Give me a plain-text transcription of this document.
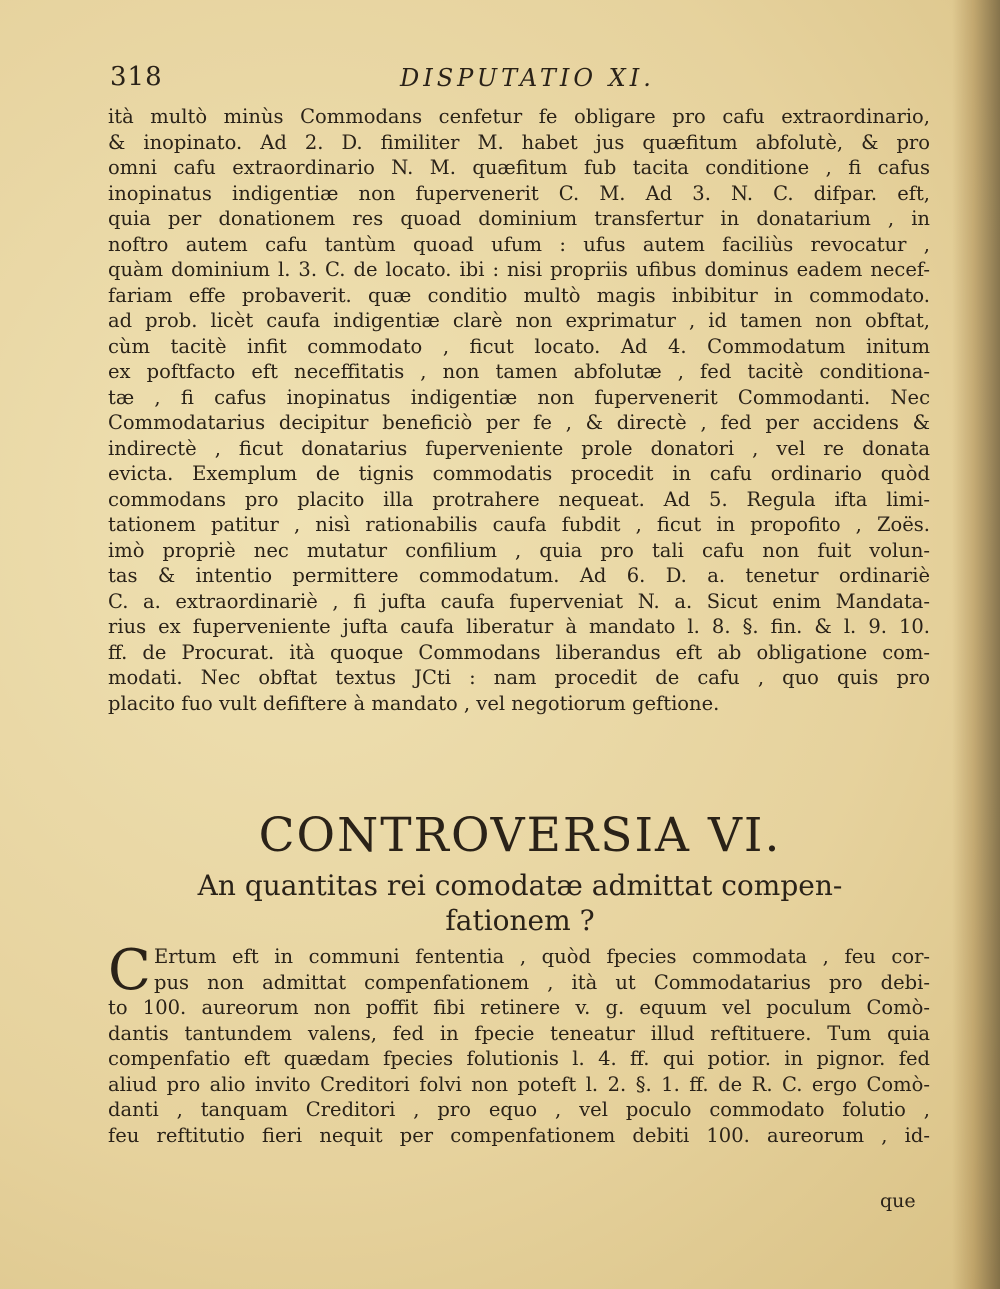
318	DISPUTATIO XI.
ità multò minùs Commodans cenfetur fe obligare pro cafu extraordinario,
& inopinato. Ad 2. D. fimiliter M. habet jus quæfitum abfolutè, & pro
omni cafu extraordinario N. M. quæfitum fub tacita conditione , fi cafus
inopinatus indigentiæ non fupervenerit C. M. Ad 3. N. C. difpar. eft,
quia per donationem res quoad dominium transfertur in donatarium , in
noftro autem cafu tantùm quoad ufum : ufus autem faciliùs revocatur ,
quàm dominium l. 3. C. de locato. ibi : nisi propriis ufibus dominus eadem necef-
fariam effe probaverit. quæ conditio multò magis inbibitur in commodato.
ad prob. licèt caufa indigentiæ clarè non exprimatur , id tamen non obftat,
cùm tacitè infit commodato , ficut locato. Ad 4. Commodatum initum
ex poftfacto eft neceffitatis , non tamen abfolutæ , fed tacitè conditiona-
tæ , fi cafus inopinatus indigentiæ non fupervenerit Commodanti. Nec
Commodatarius decipitur beneficiò per fe , & directè , fed per accidens &
indirectè , ficut donatarius fuperveniente prole donatori , vel re donata
evicta. Exemplum de tignis commodatis procedit in cafu ordinario quòd
commodans pro placito illa protrahere nequeat. Ad 5. Regula ifta limi-
tationem patitur , nisì rationabilis caufa fubdit , ficut in propofito , Zoës.
imò propriè nec mutatur confilium , quia pro tali cafu non fuit volun-
tas & intentio permittere commodatum. Ad 6. D. a. tenetur ordinariè
C. a. extraordinariè , fi jufta caufa fuperveniat N. a. Sicut enim Mandata-
rius ex fuperveniente jufta caufa liberatur à mandato l. 8. §. fin. & l. 9. 10.
ff. de Procurat. ità quoque Commodans liberandus eft ab obligatione com-
modati. Nec obftat textus JCti : nam procedit de cafu , quo quis pro
placito fuo vult defiftere à mandato , vel negotiorum geftione.
CONTROVERSIA VI.
An quantitas rei comodatæ admittat compen-
fationem ?
C Ertum eft in communi fententia , quòd fpecies commodata , feu cor-
pus non admittat compenfationem , ità ut Commodatarius pro debi-
to 100. aureorum non poffit fibi retinere v. g. equum vel poculum Comò-
dantis tantundem valens, fed in fpecie teneatur illud reftituere. Tum quia
compenfatio eft quædam fpecies folutionis l. 4. ff. qui potior. in pignor. fed
aliud pro alio invito Creditori folvi non poteft l. 2. §. 1. ff. de R. C. ergo Comò-
danti , tanquam Creditori , pro equo , vel poculo commodato folutio ,
feu reftitutio fieri nequit per compenfationem debiti 100. aureorum , id-
que
